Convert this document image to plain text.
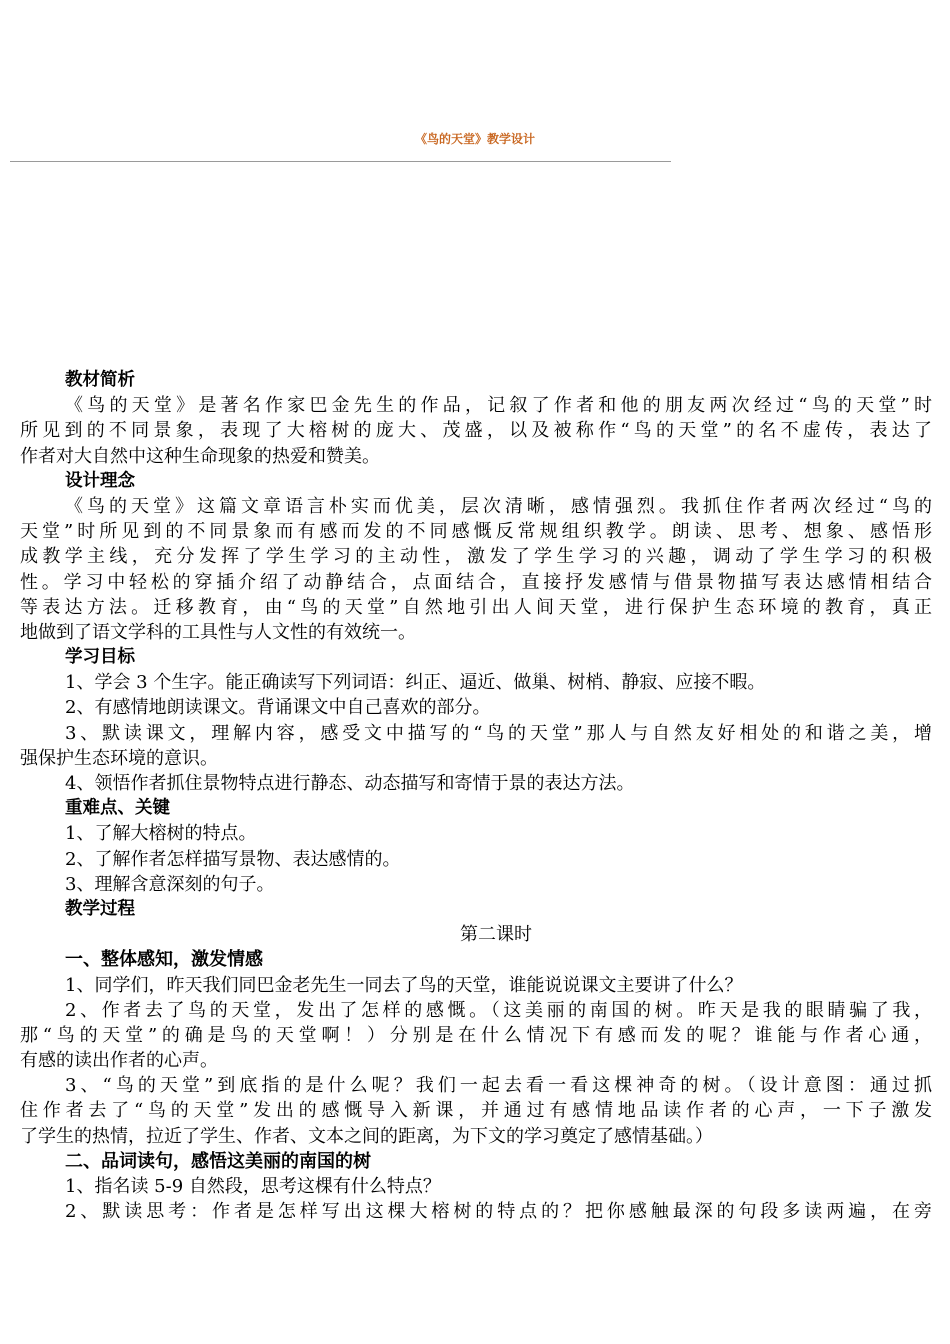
《鸟的天堂》教学设计
教材简析
《鸟的天堂》是著名作家巴金先生的作品，记叙了作者和他的朋友两次经过“鸟的天堂”时
所见到的不同景象，表现了大榕树的庞大、茂盛，以及被称作“鸟的天堂”的名不虚传，表达了
作者对大自然中这种生命现象的热爱和赞美。
设计理念
《鸟的天堂》这篇文章语言朴实而优美，层次清晰，感情强烈。我抓住作者两次经过“鸟的
天堂”时所见到的不同景象而有感而发的不同感慨反常规组织教学。朗读、思考、想象、感悟形
成教学主线，充分发挥了学生学习的主动性，激发了学生学习的兴趣，调动了学生学习的积极
性。学习中轻松的穿插介绍了动静结合，点面结合，直接抒发感情与借景物描写表达感情相结合
等表达方法。迁移教育，由“鸟的天堂”自然地引出人间天堂，进行保护生态环境的教育，真正
地做到了语文学科的工具性与人文性的有效统一。
学习目标
1、学会 3 个生字。能正确读写下列词语：纠正、逼近、做巢、树梢、静寂、应接不暇。
2、有感情地朗读课文。背诵课文中自己喜欢的部分。
3、默读课文，理解内容，感受文中描写的“鸟的天堂”那人与自然友好相处的和谐之美，增
强保护生态环境的意识。
4、领悟作者抓住景物特点进行静态、动态描写和寄情于景的表达方法。
重难点、关键
1、了解大榕树的特点。
2、了解作者怎样描写景物、表达感情的。
3、理解含意深刻的句子。
教学过程
第二课时
一、整体感知，激发情感
1、同学们，昨天我们同巴金老先生一同去了鸟的天堂，谁能说说课文主要讲了什么？
2、作者去了鸟的天堂，发出了怎样的感慨。（这美丽的南国的树。昨天是我的眼睛骗了我，
那“鸟的天堂”的确是鸟的天堂啊！）分别是在什么情况下有感而发的呢？谁能与作者心通，
有感的读出作者的心声。
3、“鸟的天堂”到底指的是什么呢？我们一起去看一看这棵神奇的树。（设计意图：通过抓
住作者去了“鸟的天堂”发出的感慨导入新课，并通过有感情地品读作者的心声，一下子激发
了学生的热情，拉近了学生、作者、文本之间的距离，为下文的学习奠定了感情基础。）
二、品词读句，感悟这美丽的南国的树
1、指名读 5-9 自然段，思考这棵有什么特点？
2、默读思考：作者是怎样写出这棵大榕树的特点的？把你感触最深的句段多读两遍，在旁
